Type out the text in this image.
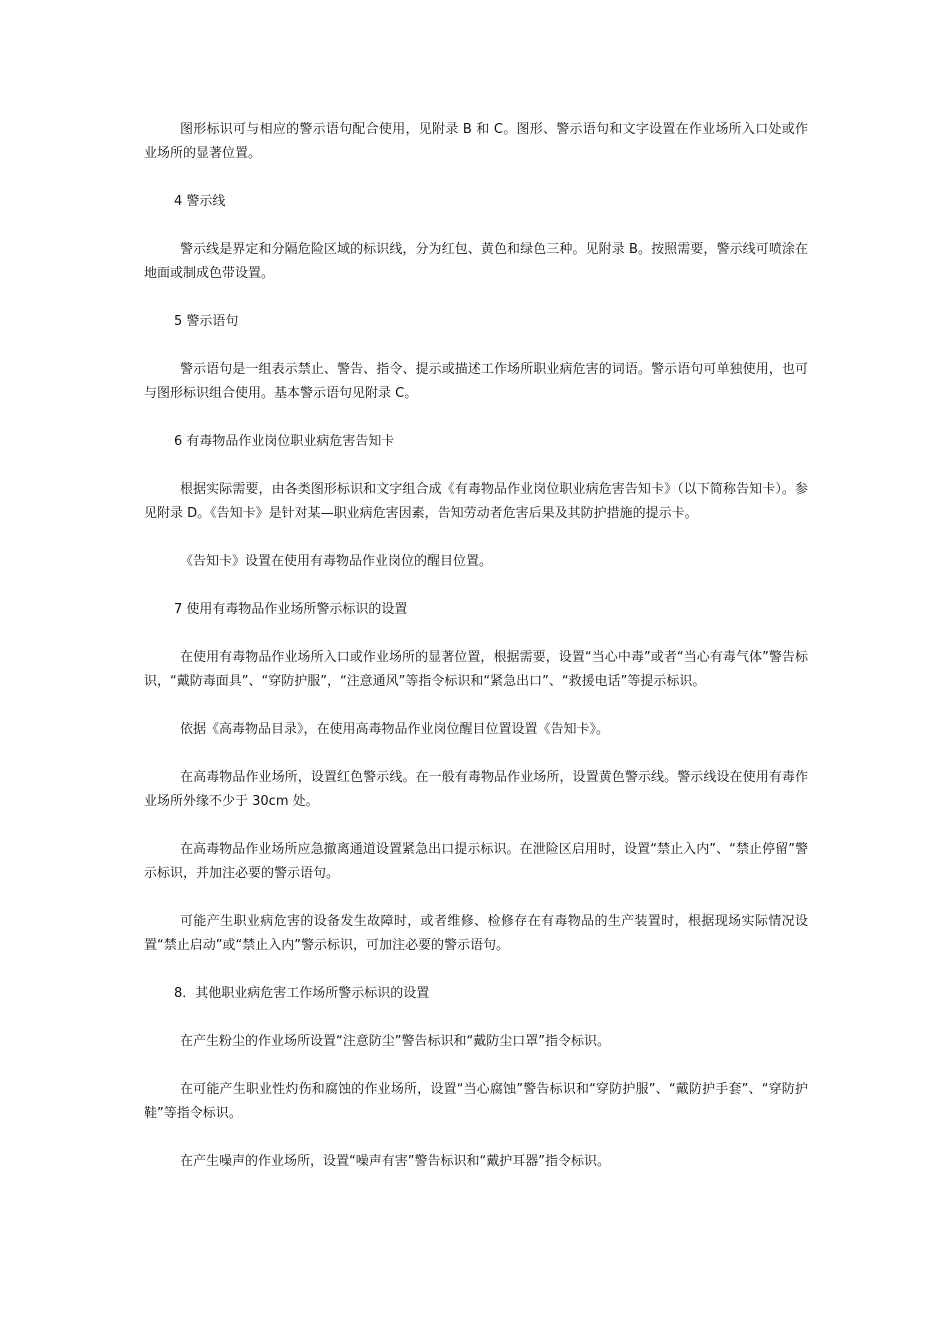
图形标识可与相应的警示语句配合使用，见附录 B 和 C。图形、警示语句和文字设置在作业场所入口处或作业场所的显著位置。

4 警示线

警示线是界定和分隔危险区域的标识线，分为红包、黄色和绿色三种。见附录 B。按照需要，警示线可喷涂在地面或制成色带设置。

5 警示语句

警示语句是一组表示禁止、警告、指令、提示或描述工作场所职业病危害的词语。警示语句可单独使用，也可与图形标识组合使用。基本警示语句见附录 C。

6 有毒物品作业岗位职业病危害告知卡

根据实际需要，由各类图形标识和文字组合成《有毒物品作业岗位职业病危害告知卡》（以下简称告知卡）。参见附录 D。《告知卡》是针对某—职业病危害因素，告知劳动者危害后果及其防护措施的提示卡。

《告知卡》设置在使用有毒物品作业岗位的醒目位置。

7 使用有毒物品作业场所警示标识的设置

在使用有毒物品作业场所入口或作业场所的显著位置，根据需要，设置“当心中毒”或者“当心有毒气体”警告标识，“戴防毒面具”、“穿防护服”，“注意通风”等指令标识和“紧急出口”、“救援电话”等提示标识。

依据《高毒物品目录》，在使用高毒物品作业岗位醒目位置设置《告知卡》。

在高毒物品作业场所，设置红色警示线。在一般有毒物品作业场所，设置黄色警示线。警示线设在使用有毒作业场所外缘不少于 30cm 处。

在高毒物品作业场所应急撤离通道设置紧急出口提示标识。在泄险区启用时，设置“禁止入内”、“禁止停留”警示标识，并加注必要的警示语句。

可能产生职业病危害的设备发生故障时，或者维修、检修存在有毒物品的生产装置时，根据现场实际情况设置“禁止启动”或“禁止入内”警示标识，可加注必要的警示语句。

8．其他职业病危害工作场所警示标识的设置

在产生粉尘的作业场所设置“注意防尘”警告标识和“戴防尘口罩”指令标识。

在可能产生职业性灼伤和腐蚀的作业场所，设置“当心腐蚀”警告标识和“穿防护服”、“戴防护手套”、“穿防护鞋”等指令标识。

在产生噪声的作业场所，设置“噪声有害”警告标识和“戴护耳器”指令标识。
